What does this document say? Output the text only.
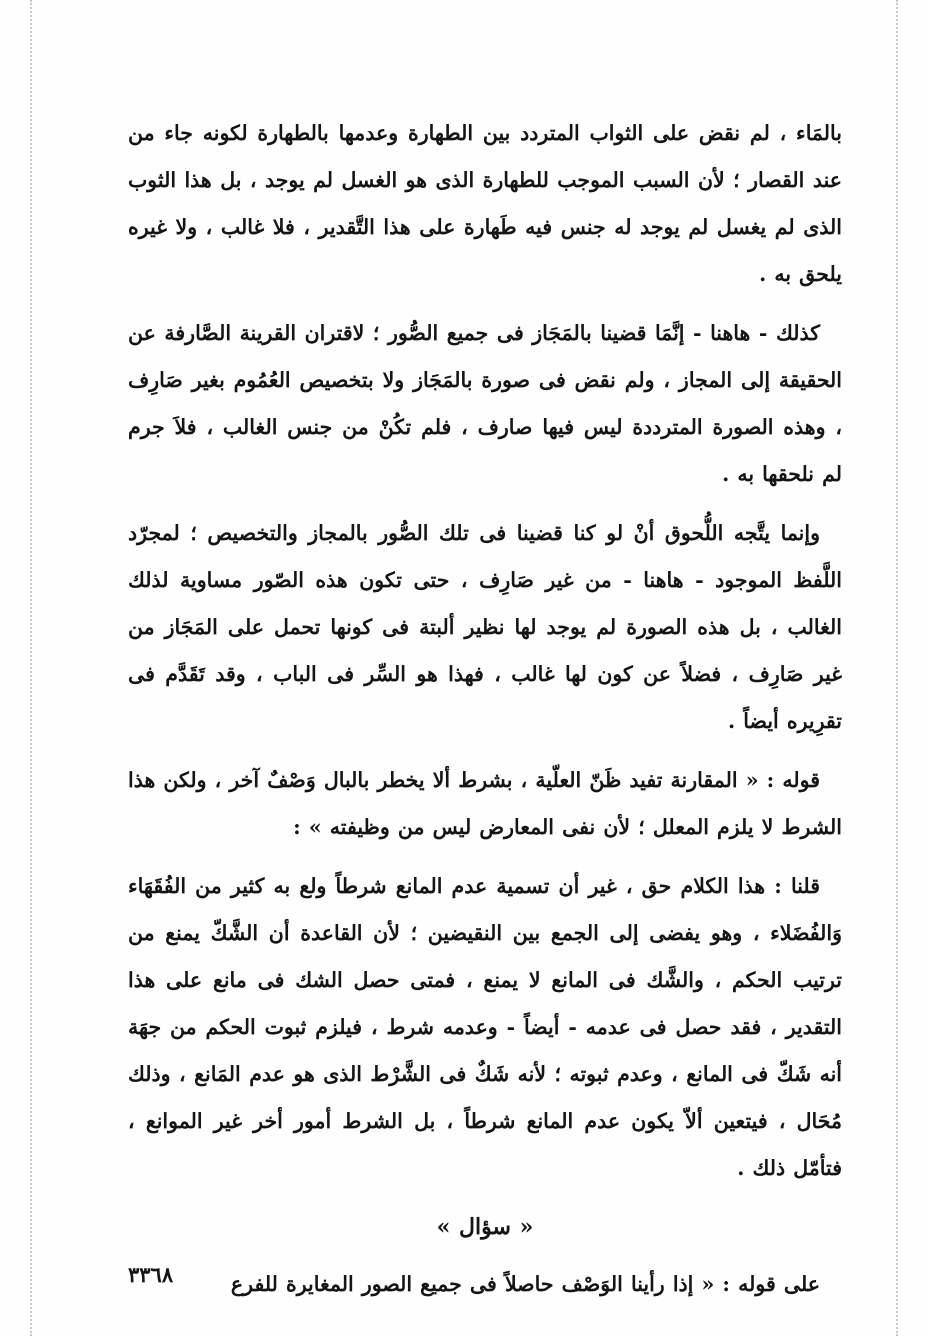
بالمَاء ، لم نقض على الثواب المتردد بين الطهارة وعدمها بالطهارة لكونه جاء من عند القصار ؛ لأن السبب الموجب للطهارة الذى هو الغسل لم يوجد ، بل هذا الثوب الذى لم يغسل لم يوجد له جنس فيه طَهارة على هذا التَّقدير ، فلا غالب ، ولا غيره يلحق به .

كذلك - هاهنا - إنَّمَا قضينا بالمَجَاز فى جميع الصُّور ؛ لاقتران القرينة الصَّارفة عن الحقيقة إلى المجاز ، ولم نقض فى صورة بالمَجَاز ولا بتخصيص العُمُوم بغير صَارِف ، وهذه الصورة المترددة ليس فيها صارف ، فلم تكُنْ من جنس الغالب ، فلاَ جرم لم نلحقها به .

وإنما يتَّجه اللُّحوق أنْ لو كنا قضينا فى تلك الصُّور بالمجاز والتخصيص ؛ لمجرّد اللَّفظ الموجود - هاهنا - من غير صَارِف ، حتى تكون هذه الصّور مساوية لذلك الغالب ، بل هذه الصورة لم يوجد لها نظير ألبتة فى كونها تحمل على المَجَاز من غير صَارِف ، فضلاً عن كون لها غالب ، فهذا هو السِّر فى الباب ، وقد تَقَدَّم فى تقرِيره أيضاً .

قوله : « المقارنة تفيد ظَنّ العلّية ، بشرط ألا يخطر بالبال وَصْفٌ آخر ، ولكن هذا الشرط لا يلزم المعلل ؛ لأن نفى المعارض ليس من وظيفته » :

قلنا : هذا الكلام حق ، غير أن تسمية عدم المانع شرطاً ولع به كثير من الفُقَهَاء وَالفُضَلاء ، وهو يفضى إلى الجمع بين النقيضين ؛ لأن القاعدة أن الشَّكّ يمنع من ترتيب الحكم ، والشَّك فى المانع لا يمنع ، فمتى حصل الشك فى مانع على هذا التقدير ، فقد حصل فى عدمه - أيضاً - وعدمه شرط ، فيلزم ثبوت الحكم من جهَة أنه شَكّ فى المانع ، وعدم ثبوته ؛ لأنه شَكٌ فى الشَّرْط الذى هو عدم المَانع ، وذلك مُحَال ، فيتعين ألاّ يكون عدم المانع شرطاً ، بل الشرط أمور أخر غير الموانع ، فتأمّل ذلك .

« سؤال »

على قوله : « إذا رأينا الوَصْف حاصلاً فى جميع الصور المغايرة للفرع

٣٣٦٨
